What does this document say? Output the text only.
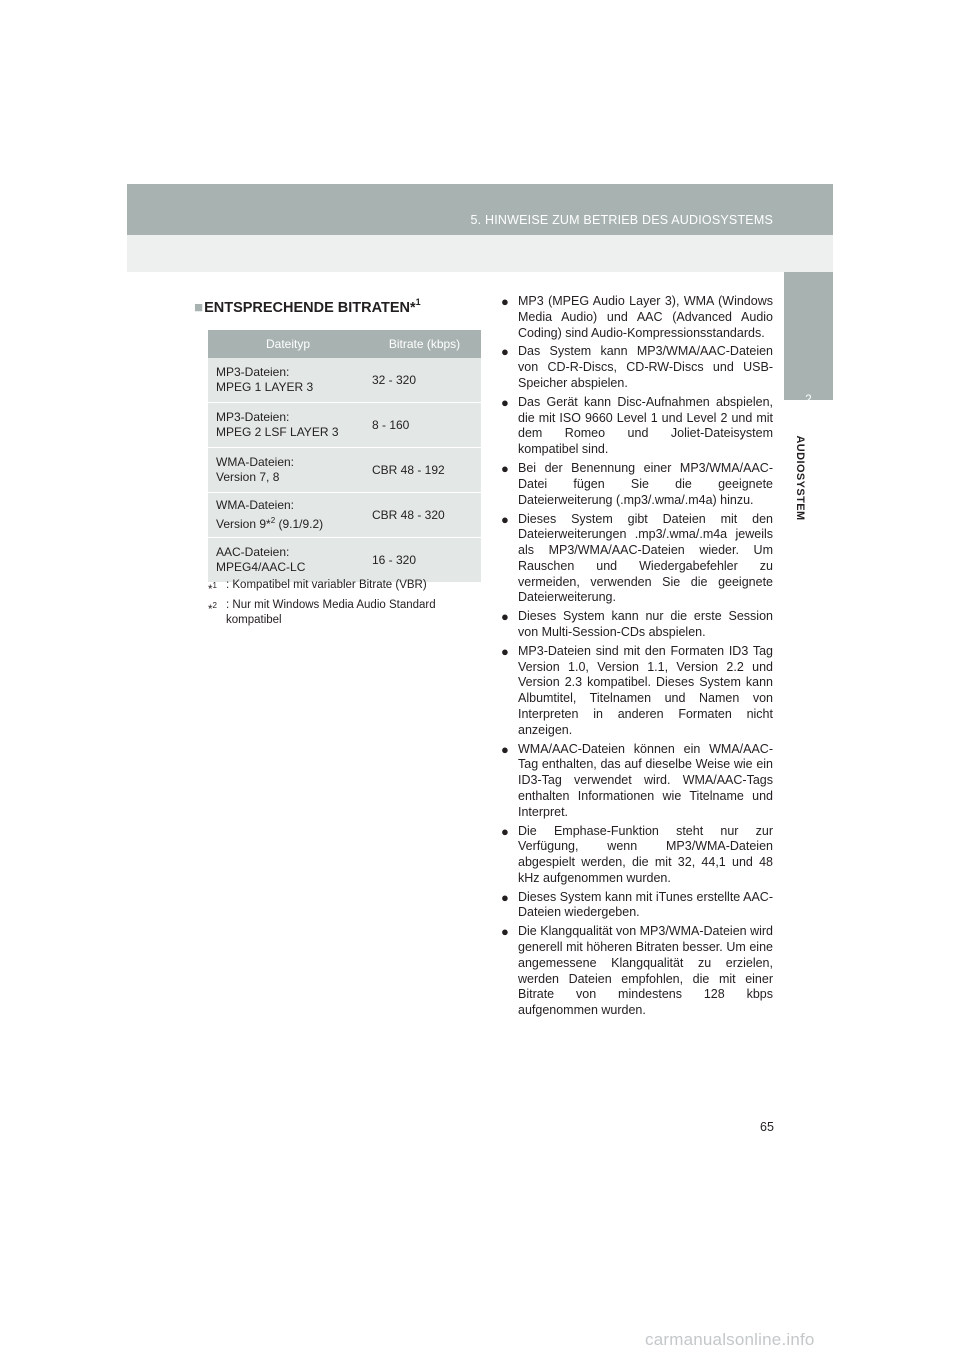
5. HINWEISE ZUM BETRIEB DES AUDIOSYSTEMS
2
AUDIOSYSTEM
■ENTSPRECHENDE BITRATEN*$^1$
Dateityp	Bitrate (kbps)

MP3-Dateien:
MPEG 1 LAYER 3	32 - 320

MP3-Dateien:
MPEG 2 LSF LAYER 3	8 - 160

WMA-Dateien:
Version 7, 8	CBR 48 - 192

WMA-Dateien:
Version 9*$^2$ (9.1/9.2)	CBR 48 - 320

AAC-Dateien:
MPEG4/AAC-LC	16 - 320
*$^1$ : Kompatibel mit variabler Bitrate (VBR)
*$^2$ : Nur mit Windows Media Audio Standard kompatibel
● MP3 (MPEG Audio Layer 3), WMA (Windows Media Audio) und AAC (Advanced Audio Coding) sind Audio-Kompressionsstandards.
● Das System kann MP3/WMA/AAC-Dateien von CD-R-Discs, CD-RW-Discs und USB-Speicher abspielen.
● Das Gerät kann Disc-Aufnahmen abspielen, die mit ISO 9660 Level 1 und Level 2 und mit dem Romeo und Joliet-Dateisystem kompatibel sind.
● Bei der Benennung einer MP3/WMA/AAC-Datei fügen Sie die geeignete Dateierweiterung (.mp3/.wma/.m4a) hinzu.
● Dieses System gibt Dateien mit den Dateierweiterungen .mp3/.wma/.m4a jeweils als MP3/WMA/AAC-Dateien wieder. Um Rauschen und Wiedergabefehler zu vermeiden, verwenden Sie die geeignete Dateierweiterung.
● Dieses System kann nur die erste Session von Multi-Session-CDs abspielen.
● MP3-Dateien sind mit den Formaten ID3 Tag Version 1.0, Version 1.1, Version 2.2 und Version 2.3 kompatibel. Dieses System kann Albumtitel, Titelnamen und Namen von Interpreten in anderen Formaten nicht anzeigen.
● WMA/AAC-Dateien können ein WMA/AAC-Tag enthalten, das auf dieselbe Weise wie ein ID3-Tag verwendet wird. WMA/AAC-Tags enthalten Informationen wie Titelname und Interpret.
● Die Emphase-Funktion steht nur zur Verfügung, wenn MP3/WMA-Dateien abgespielt werden, die mit 32, 44,1 und 48 kHz aufgenommen wurden.
● Dieses System kann mit iTunes erstellte AAC-Dateien wiedergeben.
● Die Klangqualität von MP3/WMA-Dateien wird generell mit höheren Bitraten besser. Um eine angemessene Klangqualität zu erzielen, werden Dateien empfohlen, die mit einer Bitrate von mindestens 128 kbps aufgenommen wurden.
65
carmanualsonline.info
